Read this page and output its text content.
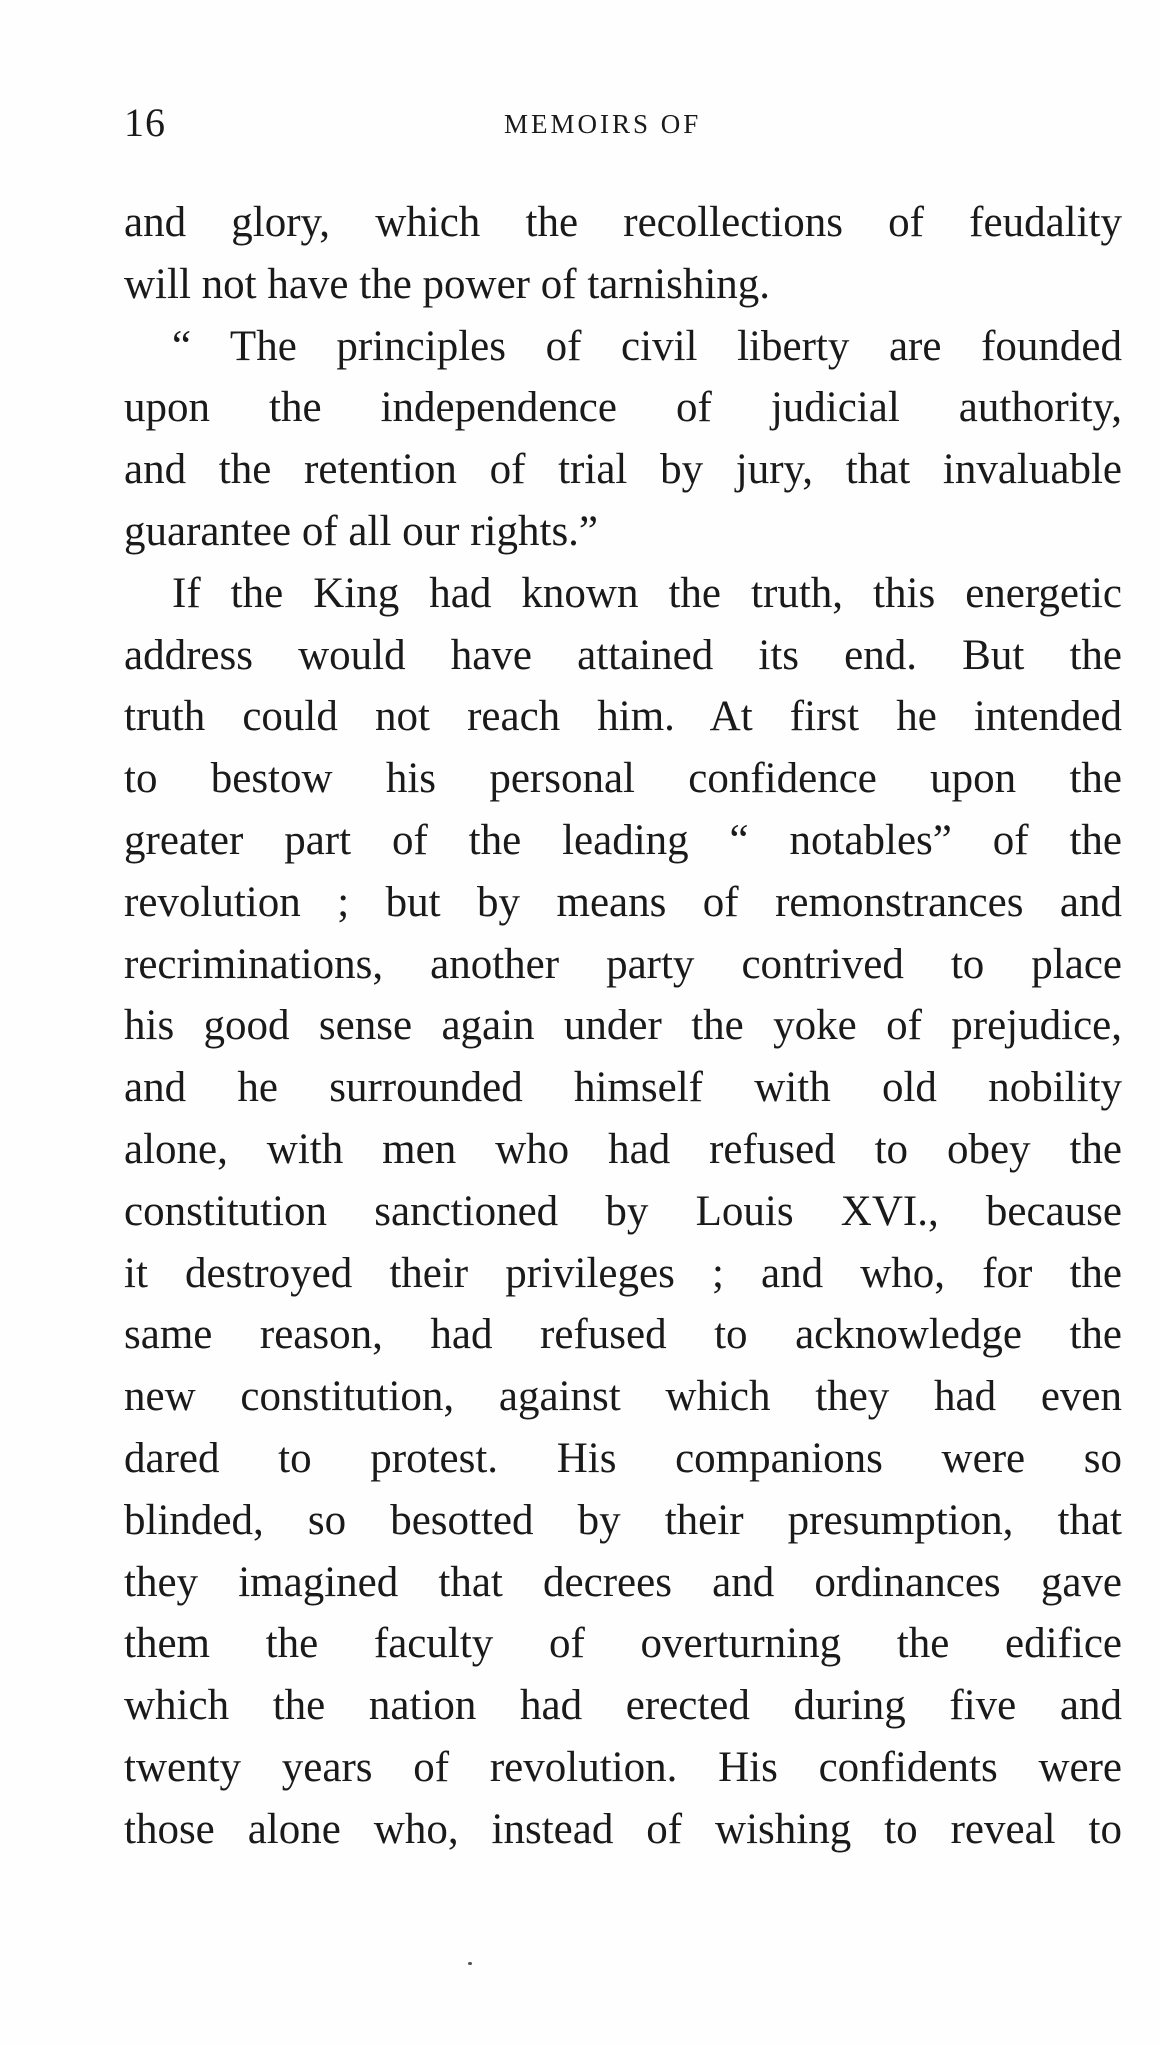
16	MEMOIRS OF
and glory, which the recollections of feudality
will not have the power of tarnishing.
“ The principles of civil liberty are founded
upon the independence of judicial authority,
and the retention of trial by jury, that invaluable
guarantee of all our rights.”
If the King had known the truth, this energetic
address would have attained its end. But the
truth could not reach him. At first he intended
to bestow his personal confidence upon the
greater part of the leading “ notables” of the
revolution ; but by means of remonstrances and
recriminations, another party contrived to place
his good sense again under the yoke of prejudice,
and he surrounded himself with old nobility
alone, with men who had refused to obey the
constitution sanctioned by Louis XVI., because
it destroyed their privileges ; and who, for the
same reason, had refused to acknowledge the
new constitution, against which they had even
dared to protest. His companions were so
blinded, so besotted by their presumption, that
they imagined that decrees and ordinances gave
them the faculty of overturning the edifice
which the nation had erected during five and
twenty years of revolution. His confidents were
those alone who, instead of wishing to reveal to
